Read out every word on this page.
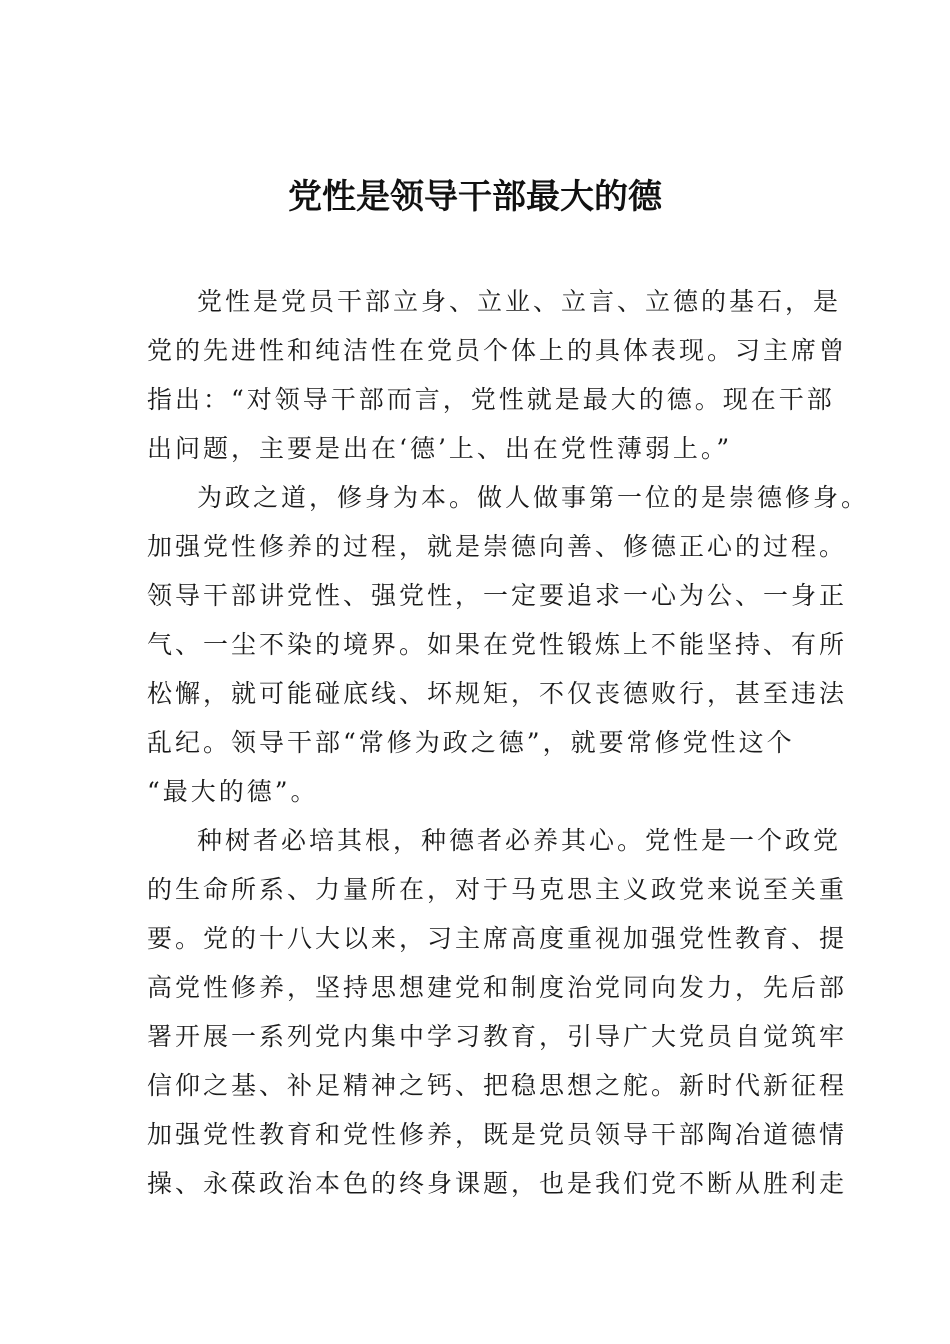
党性是领导干部最大的德
党性是党员干部立身、立业、立言、立德的基石，是
党的先进性和纯洁性在党员个体上的具体表现。习主席曾
指出：“对领导干部而言，党性就是最大的德。现在干部
出问题，主要是出在‘德’上、出在党性薄弱上。”
为政之道，修身为本。做人做事第一位的是崇德修身。
加强党性修养的过程，就是崇德向善、修德正心的过程。
领导干部讲党性、强党性，一定要追求一心为公、一身正
气、一尘不染的境界。如果在党性锻炼上不能坚持、有所
松懈，就可能碰底线、坏规矩，不仅丧德败行，甚至违法
乱纪。领导干部“常修为政之德”，就要常修党性这个
“最大的德”。
种树者必培其根，种德者必养其心。党性是一个政党
的生命所系、力量所在，对于马克思主义政党来说至关重
要。党的十八大以来，习主席高度重视加强党性教育、提
高党性修养，坚持思想建党和制度治党同向发力，先后部
署开展一系列党内集中学习教育，引导广大党员自觉筑牢
信仰之基、补足精神之钙、把稳思想之舵。新时代新征程
加强党性教育和党性修养，既是党员领导干部陶冶道德情
操、永葆政治本色的终身课题，也是我们党不断从胜利走
